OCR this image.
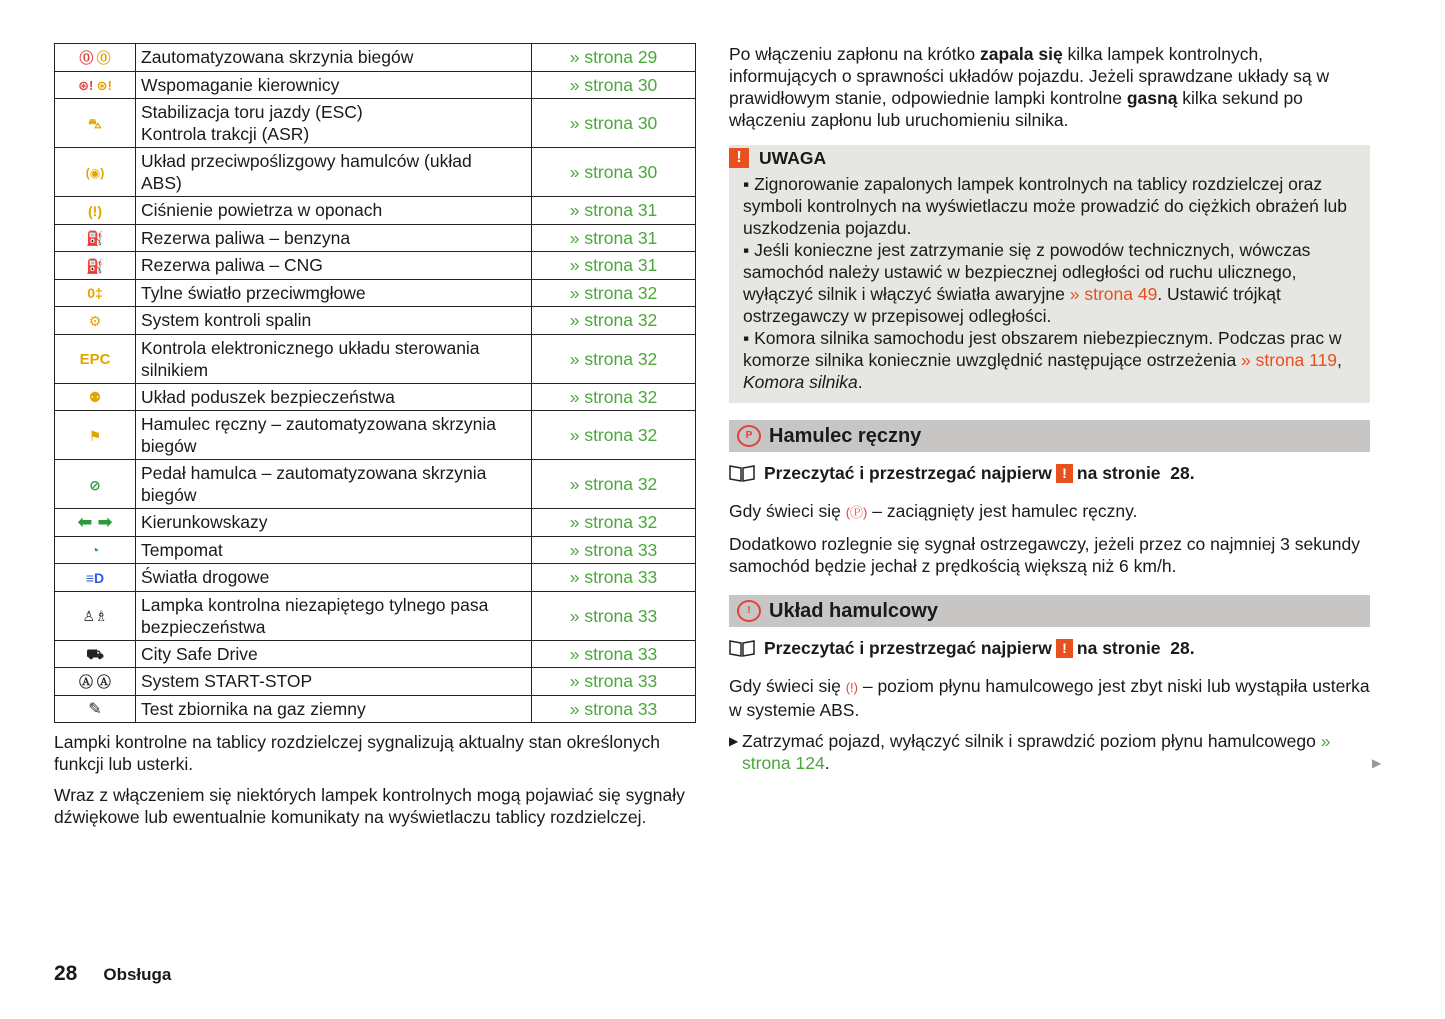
⓪
⓪	Zautomatyzowana skrzynia biegów	» strona 29

⊛!
⊛!	Wspomaganie kierownicy	» strona 30

⛍	Stabilizacja toru jazdy (ESC)
Kontrola trakcji (ASR)	» strona 30

(◉)	Układ przeciwpoślizgowy hamulców (układ
ABS)	» strona 30

(!)	Ciśnienie powietrza w oponach	» strona 31

⛽	Rezerwa paliwa – benzyna	» strona 31

⛽	Rezerwa paliwa – CNG	» strona 31

0‡	Tylne światło przeciwmgłowe	» strona 32

⚙	System kontroli spalin	» strona 32
EPC	Kontrola elektronicznego układu sterowania
silnikiem	» strona 32

⚉	Układ poduszek bezpieczeństwa	» strona 32

⚑	Hamulec ręczny – zautomatyzowana skrzynia
biegów	» strona 32

⊘	Pedał hamulca – zautomatyzowana skrzynia
biegów	» strona 32

⬅ ➡	Kierunkowskazy	» strona 32

◔	Tempomat	» strona 33

≡D	Światła drogowe	» strona 33

♙♗	Lampka kontrolna niezapiętego tylnego pasa
bezpieczeństwa	» strona 33

⛟	City Safe Drive	» strona 33

Ⓐ Ⓐ	System START-STOP	» strona 33

✎	Test zbiornika na gaz ziemny	» strona 33

Lampki kontrolne na tablicy rozdzielczej sygnalizują aktualny stan określonych funkcji lub usterki.

Wraz z włączeniem się niektórych lampek kontrolnych mogą pojawiać się sygnały dźwiękowe lub ewentualnie komunikaty na wyświetlaczu tablicy rozdzielczej.

Po włączeniu zapłonu na krótko zapala się kilka lampek kontrolnych, informujących o sprawności układów pojazdu. Jeżeli sprawdzane układy są w prawidłowym stanie, odpowiednie lampki kontrolne gasną kilka sekund po włączeniu zapłonu lub uruchomieniu silnika.

! UWAGA

▪ Zignorowanie zapalonych lampek kontrolnych na tablicy rozdzielczej oraz symboli kontrolnych na wyświetlaczu może prowadzić do ciężkich obrażeń lub uszkodzenia pojazdu.

▪ Jeśli konieczne jest zatrzymanie się z powodów technicznych, wówczas samochód należy ustawić w bezpiecznej odległości od ruchu ulicznego, wyłączyć silnik i włączyć światła awaryjne » strona 49. Ustawić trójkąt ostrzegawczy w przepisowej odległości.

▪ Komora silnika samochodu jest obszarem niebezpiecznym. Podczas prac w komorze silnika koniecznie uwzględnić następujące ostrzeżenia » strona 119, Komora silnika.

P Hamulec ręczny
Przeczytać i przestrzegać najpierw ! na stronie
28.

Gdy świeci się (Ⓟ) – zaciągnięty jest hamulec ręczny.

Dodatkowo rozlegnie się sygnał ostrzegawczy, jeżeli przez co najmniej 3 sekundy samochód będzie jechał z prędkością większą niż 6 km/h.

! Układ hamulcowy
Przeczytać i przestrzegać najpierw ! na stronie
28.

Gdy świeci się (!) – poziom płynu hamulcowego jest zbyt niski lub wystąpiła usterka w systemie ABS.

▶ Zatrzymać pojazd, wyłączyć silnik i sprawdzić poziom płynu hamulcowego » strona 124.	▶
28 Obsługa
